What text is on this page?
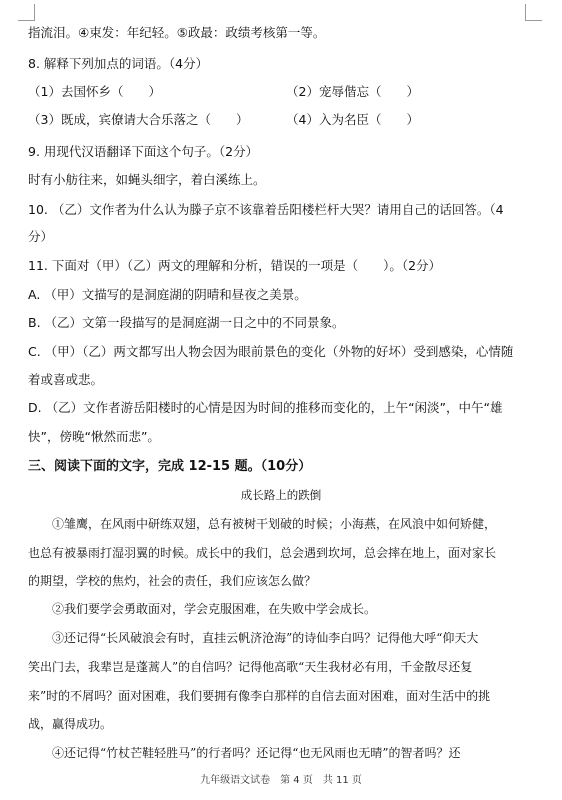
指流泪。④束发：年纪轻。⑤政最：政绩考核第一等。
8. 解释下列加点的词语。（4分）
（1）去国怀乡（　　）	（2）宠辱偕忘（　　）
（3）既成，宾僚请大合乐落之（　　）	（4）入为名臣（　　）
9. 用现代汉语翻译下面这个句子。（2分）
时有小舫往来，如蝇头细字，着白溪练上。
10. （乙）文作者为什么认为滕子京不该靠着岳阳楼栏杆大哭？请用自己的话回答。（4
分）
11. 下面对（甲）（乙）两文的理解和分析，错误的一项是（　　）。（2分）
A. （甲）文描写的是洞庭湖的阴晴和昼夜之美景。
B. （乙）文第一段描写的是洞庭湖一日之中的不同景象。
C. （甲）（乙）两文都写出人物会因为眼前景色的变化（外物的好坏）受到感染，心情随
着或喜或悲。
D. （乙）文作者游岳阳楼时的心情是因为时间的推移而变化的，上午“闲淡”，中午“雄
快”，傍晚“愀然而悲”。
三、阅读下面的文字，完成 12-15 题。（10分）
成长路上的跌倒
　　①雏鹰，在风雨中研练双翅，总有被树干划破的时候；小海燕，在风浪中如何矫健，
也总有被暴雨打湿羽翼的时候。成长中的我们，总会遇到坎坷，总会摔在地上，面对家长
的期望，学校的焦灼，社会的责任，我们应该怎么做？
　　②我们要学会勇敢面对，学会克服困难，在失败中学会成长。
　　③还记得“长风破浪会有时，直挂云帆济沧海”的诗仙李白吗？记得他大呼“仰天大
笑出门去，我辈岂是蓬蒿人”的自信吗？记得他高歌“天生我材必有用，千金散尽还复
来”时的不屑吗？面对困难，我们要拥有像李白那样的自信去面对困难，面对生活中的挑
战，赢得成功。
　　④还记得“竹杖芒鞋轻胜马”的行者吗？还记得“也无风雨也无晴”的智者吗？还
九年级语文试卷　第 4 页　共 11 页
